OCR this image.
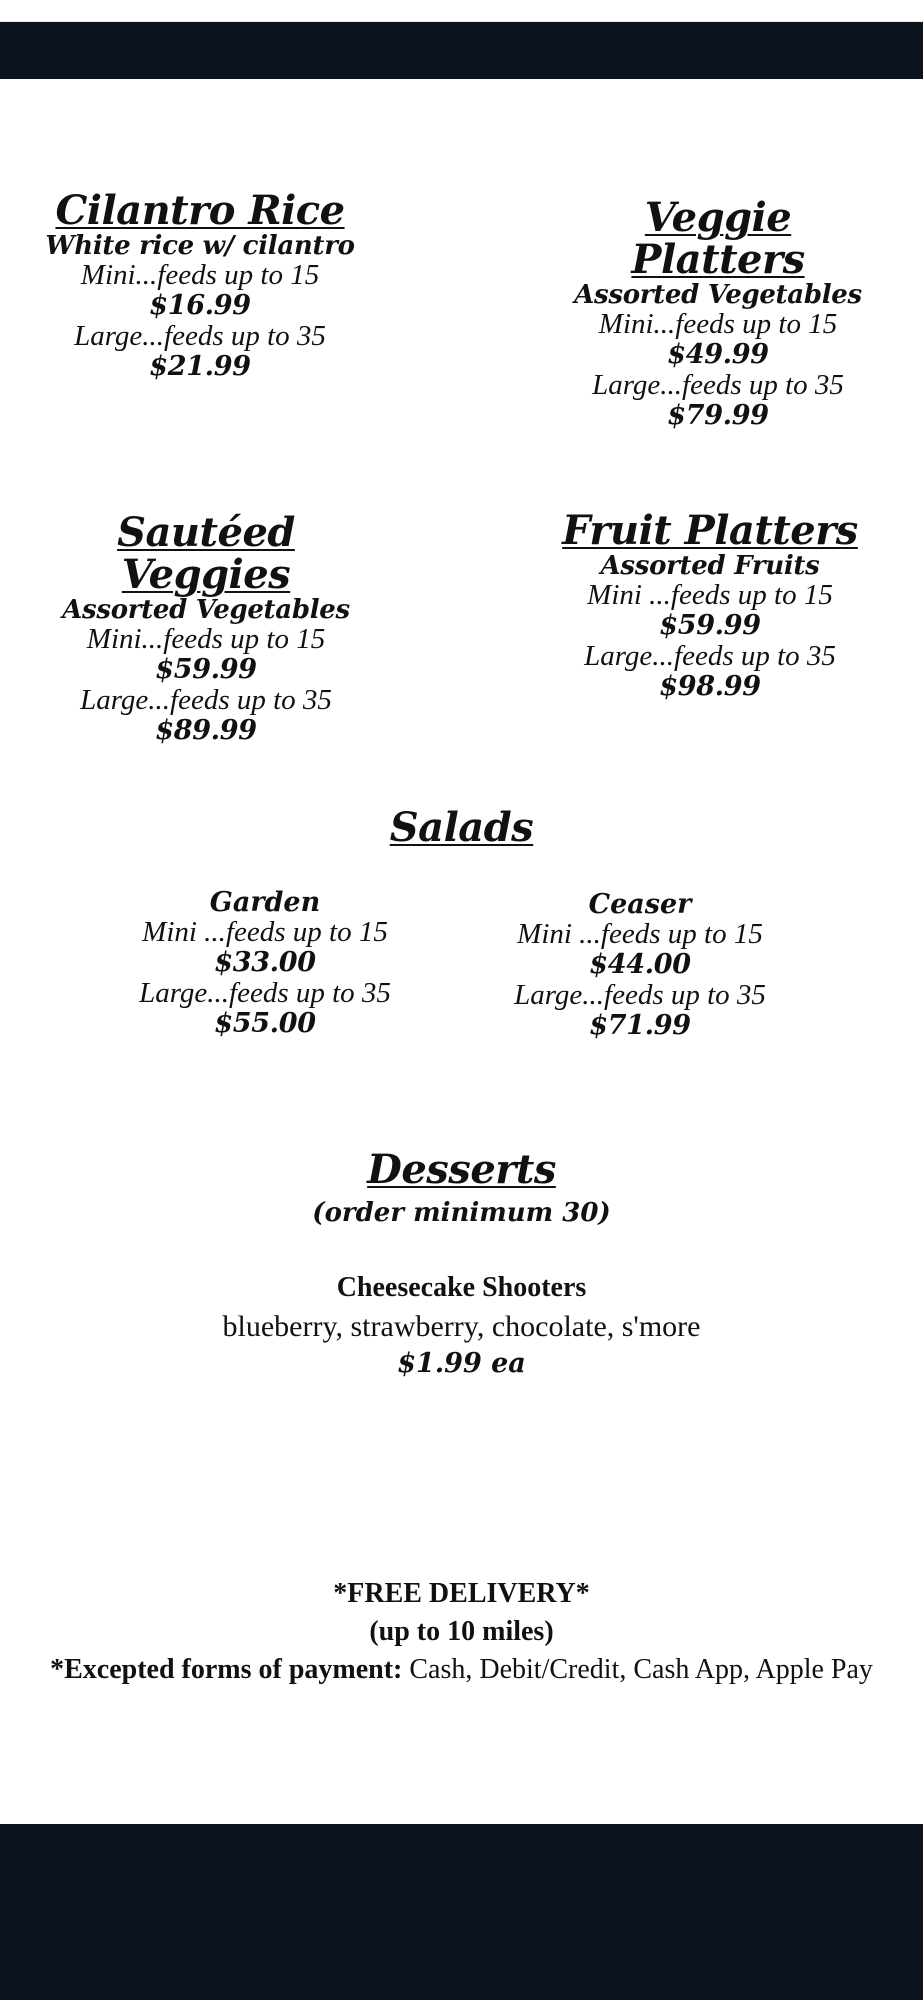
Cilantro Rice
White rice w/ cilantro
Mini...feeds up to 15
$16.99
Large...feeds up to 35
$21.99
Veggie Platters
Assorted Vegetables
Mini...feeds up to 15
$49.99
Large...feeds up to 35
$79.99
Sautéed Veggies
Assorted Vegetables
Mini...feeds up to 15
$59.99
Large...feeds up to 35
$89.99
Fruit Platters
Assorted Fruits
Mini ...feeds up to 15
$59.99
Large...feeds up to 35
$98.99
Salads
Garden
Mini ...feeds up to 15
$33.00
Large...feeds up to 35
$55.00
Ceaser
Mini ...feeds up to 15
$44.00
Large...feeds up to 35
$71.99
Desserts
(order minimum 30)
Cheesecake Shooters
blueberry, strawberry, chocolate, s'more
$1.99 ea
*FREE DELIVERY*
(up to 10 miles)
*Excepted forms of payment: Cash, Debit/Credit, Cash App, Apple Pay
